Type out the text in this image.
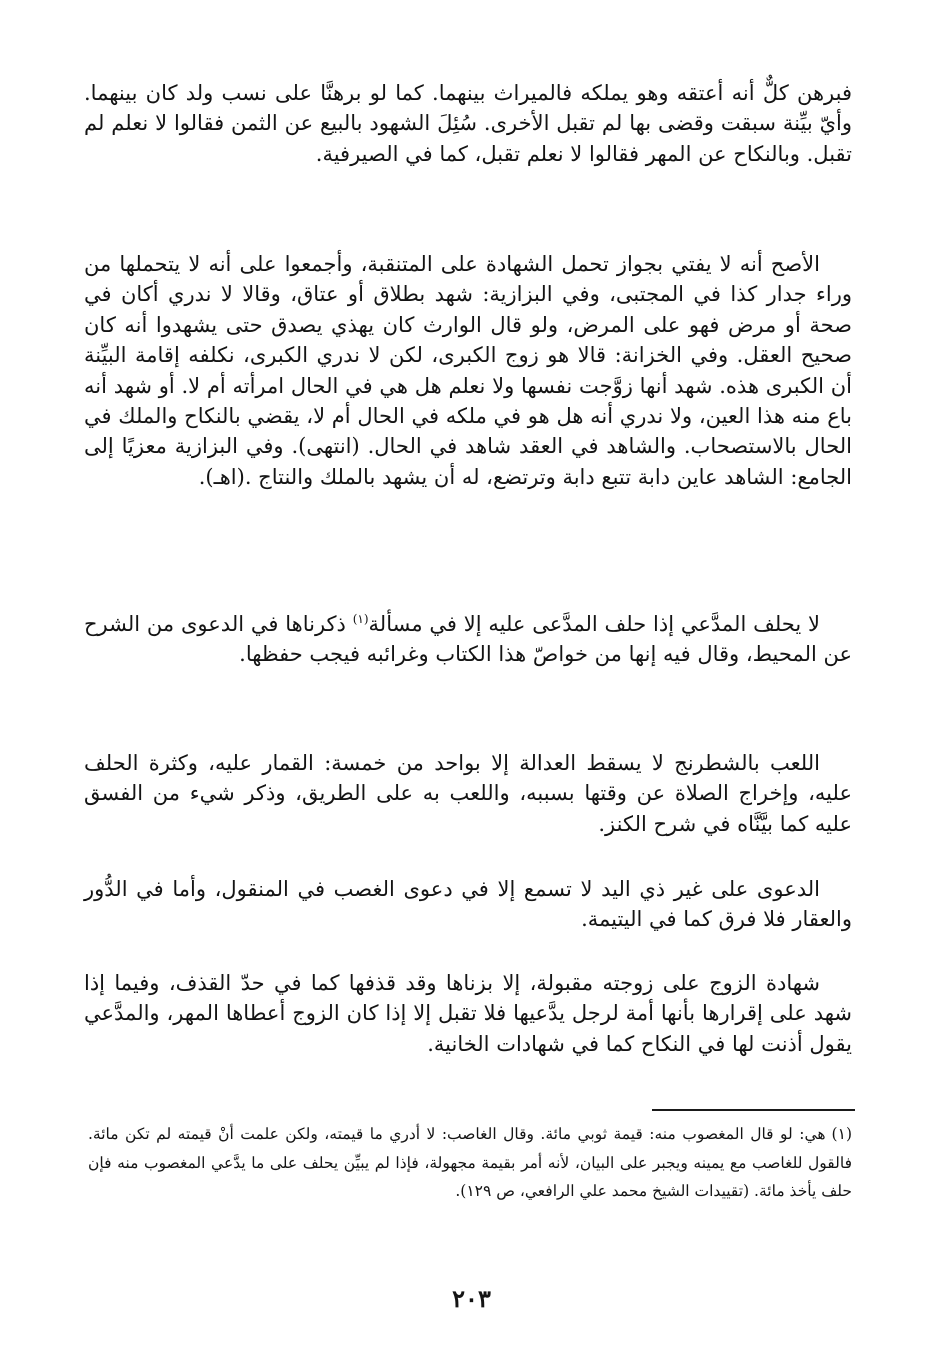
فبرهن كلٌّ أنه أعتقه وهو يملكه فالميراث بينهما. كما لو برهنَّا على نسب ولد كان بينهما. وأيّ بيِّنة سبقت وقضى بها لم تقبل الأخرى. سُئِلَ الشهود بالبيع عن الثمن فقالوا لا نعلم لم تقبل. وبالنكاح عن المهر فقالوا لا نعلم تقبل، كما في الصيرفية.

الأصح أنه لا يفتي بجواز تحمل الشهادة على المتنقبة، وأجمعوا على أنه لا يتحملها من وراء جدار كذا في المجتبى، وفي البزازية: شهد بطلاق أو عتاق، وقالا لا ندري أكان في صحة أو مرض فهو على المرض، ولو قال الوارث كان يهذي يصدق حتى يشهدوا أنه كان صحيح العقل. وفي الخزانة: قالا هو زوج الكبرى، لكن لا ندري الكبرى، نكلفه إقامة البيِّنة أن الكبرى هذه. شهد أنها زوَّجت نفسها ولا نعلم هل هي في الحال امرأته أم لا. أو شهد أنه باع منه هذا العين، ولا ندري أنه هل هو في ملكه في الحال أم لا، يقضي بالنكاح والملك في الحال بالاستصحاب. والشاهد في العقد شاهد في الحال. (انتهى). وفي البزازية معزيًا إلى الجامع: الشاهد عاين دابة تتبع دابة وترتضع، له أن يشهد بالملك والنتاج .(اهـ).

لا يحلف المدَّعي إذا حلف المدَّعى عليه إلا في مسألة$^{(١)}$ ذكرناها في الدعوى من الشرح عن المحيط، وقال فيه إنها من خواصّ هذا الكتاب وغرائبه فيجب حفظها.

اللعب بالشطرنج لا يسقط العدالة إلا بواحد من خمسة: القمار عليه، وكثرة الحلف عليه، وإخراج الصلاة عن وقتها بسببه، واللعب به على الطريق، وذكر شيء من الفسق عليه كما بيَّنَّاه في شرح الكنز.

الدعوى على غير ذي اليد لا تسمع إلا في دعوى الغصب في المنقول، وأما في الدُّور والعقار فلا فرق كما في اليتيمة.

شهادة الزوج على زوجته مقبولة، إلا بزناها وقد قذفها كما في حدّ القذف، وفيما إذا شهد على إقرارها بأنها أمة لرجل يدَّعيها فلا تقبل إلا إذا كان الزوج أعطاها المهر، والمدَّعي يقول أذنت لها في النكاح كما في شهادات الخانية.

(١)هي: لو قال المغصوب منه: قيمة ثوبي مائة. وقال الغاصب: لا أدري ما قيمته، ولكن علمت أنْ قيمته لم تكن مائة. فالقول للغاصب مع يمينه ويجبر على البيان، لأنه أمر بقيمة مجهولة، فإذا لم يبيِّن يحلف على ما يدَّعي المغصوب منه فإن حلف يأخذ مائة. (تقييدات الشيخ محمد علي الرافعي، ص ١٢٩).

٢٠٣
